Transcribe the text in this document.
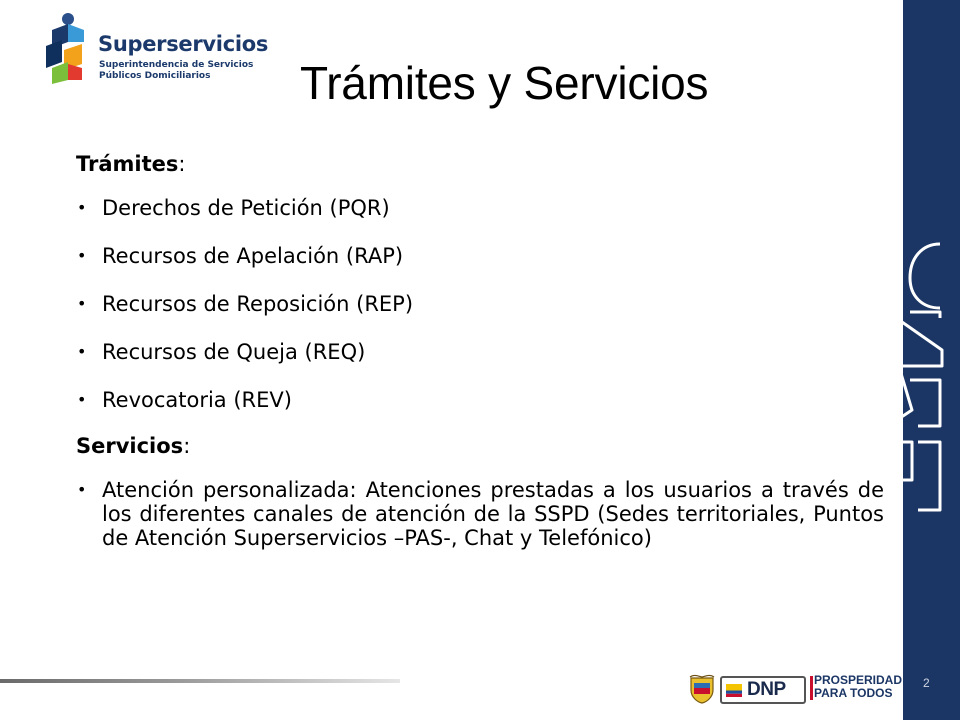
Superservicios
Superintendencia de Servicios
Públicos Domiciliarios Trámites y Servicios

Trámites:

• Derechos de Petición (PQR)
• Recursos de Apelación (RAP)
• Recursos de Reposición (REP)
• Recursos de Queja (REQ)
• Revocatoria (REV)

Servicios:

• Atención personalizada: Atenciones prestadas a los usuarios a través de los diferentes canales de atención de la SSPD (Sedes territoriales, Puntos de Atención Superservicios –PAS-, Chat y Telefónico)
DNP PROSPERIDAD
PARA TODOS
2
